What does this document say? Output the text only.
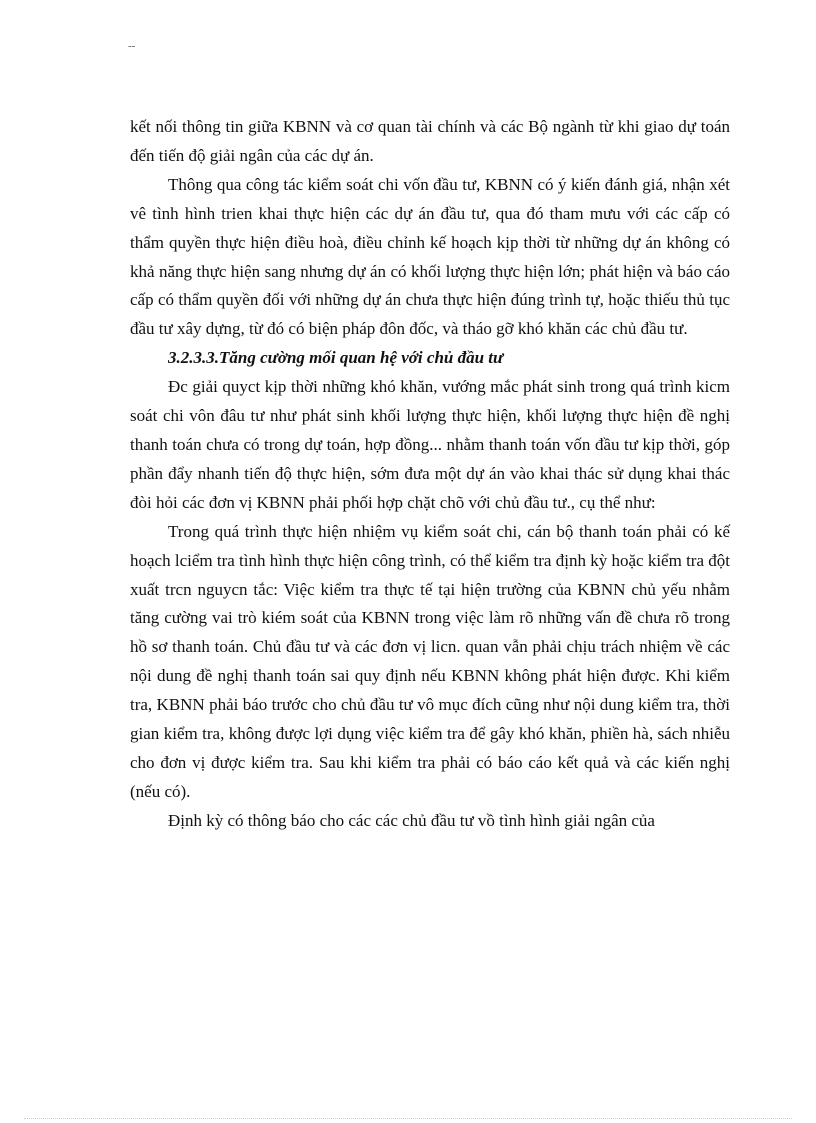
--

kết nối thông tin giữa KBNN và cơ quan tài chính và các Bộ ngành từ khi giao dự toán đến tiến độ giải ngân của các dự án.

Thông qua công tác kiểm soát chi vốn đầu tư, KBNN có ý kiến đánh giá, nhận xét vê tình hình trien khai thực hiện các dự án đầu tư, qua đó tham mưu với các cấp có thẩm quyền thực hiện điều hoà, điều chỉnh kế hoạch kịp thời từ những dự án không có khả năng thực hiện sang nhưng dự án có khối lượng thực hiện lớn; phát hiện và báo cáo cấp có thẩm quyền đối với những dự án chưa thực hiện đúng trình tự, hoặc thiếu thủ tục đầu tư xây dựng, từ đó có biện pháp đôn đốc, và tháo gỡ khó khăn các chủ đầu tư.

3.2.3.3.Tăng cường mối quan hệ với chủ đầu tư

Đc giải quyct kịp thời những khó khăn, vướng mắc phát sinh trong quá trình kicm soát chi vôn đâu tư như phát sinh khối lượng thực hiện, khối lượng thực hiện đề nghị thanh toán chưa có trong dự toán, hợp đồng... nhằm thanh toán vốn đầu tư kịp thời, góp phần đẩy nhanh tiến độ thực hiện, sớm đưa một dự án vào khai thác sử dụng khai thác đòi hỏi các đơn vị KBNN phải phối hợp chặt chõ với chủ đầu tư., cụ thể như:

Trong quá trình thực hiện nhiệm vụ kiểm soát chi, cán bộ thanh toán phải có kế hoạch lciểm tra tình hình thực hiện công trình, có thể kiểm tra định kỳ hoặc kiểm tra đột xuất trcn nguycn tắc: Việc kiểm tra thực tế tại hiện trường của KBNN chủ yếu nhằm tăng cường vai trò kiém soát của KBNN trong việc làm rõ những vấn đề chưa rõ trong hồ sơ thanh toán. Chủ đầu tư và các đơn vị licn. quan vẫn phải chịu trách nhiệm về các nội dung đề nghị thanh toán sai quy định nếu KBNN không phát hiện được. Khi kiểm tra, KBNN phải báo trước cho chủ đầu tư vô mục đích cũng như nội dung kiểm tra, thời gian kiểm tra, không được lợi dụng việc kiểm tra để gây khó khăn, phiền hà, sách nhiễu cho đơn vị được kiểm tra. Sau khi kiểm tra phải có báo cáo kết quả và các kiến nghị (nếu có).

Định kỳ có thông báo cho các các chủ đầu tư vồ tình hình giải ngân của
